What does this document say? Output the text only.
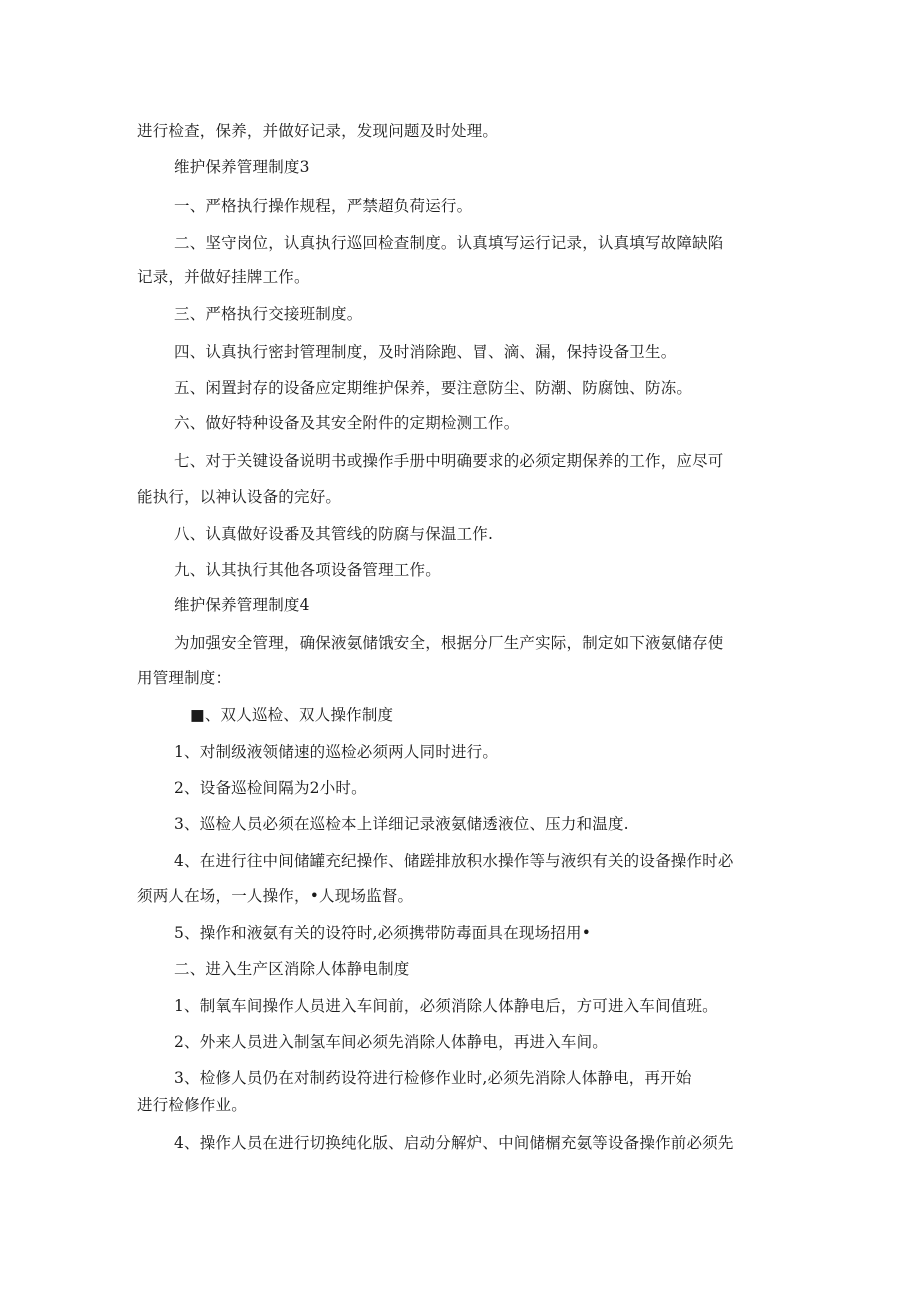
进行检查，保养，并做好记录，发现问题及时处理。

维护保养管理制度3

一、严格执行操作规程，严禁超负荷运行。

二、坚守岗位，认真执行巡回检查制度。认真填写运行记录，认真填写故障缺陷

记录，并做好挂牌工作。

三、严格执行交接班制度。

四、认真执行密封管理制度，及时消除跑、冒、滴、漏，保持设备卫生。

五、闲置封存的设备应定期维护保养，要注意防尘、防潮、防腐蚀、防冻。

六、做好特种设备及其安全附件的定期检测工作。

七、对于关键设备说明书或操作手册中明确要求的必须定期保养的工作，应尽可

能执行，以神认设备的完好。

八、认真做好设番及其管线的防腐与保温工作.

九、认其执行其他各项设备管理工作。

维护保养管理制度4

为加强安全管理，确保液氨储饿安全，根据分厂生产实际，制定如下液氨储存使

用管理制度：

■、双人巡检、双人操作制度

1、对制级液领储速的巡检必须两人同时进行。

2、设备巡检间隔为2小时。

3、巡检人员必须在巡检本上详细记录液氨储透液位、压力和温度.

4、在进行往中间储罐充纪操作、储蹉排放积水操作等与液织有关的设备操作时必

须两人在场，一人操作，•人现场监督。

5、操作和液氨有关的设符时,必须携带防毒面具在现场招用•

二、进入生产区消除人体静电制度

1、制氧车间操作人员进入车间前，必须消除人体静电后，方可进入车间值班。

2、外来人员进入制氢车间必须先消除人体静电，再进入车间。

3、检修人员仍在对制药设符进行检修作业时,必须先消除人体静电，再开始

进行检修作业。

4、操作人员在进行切换纯化版、启动分解炉、中间储榍充氨等设备操作前必须先
